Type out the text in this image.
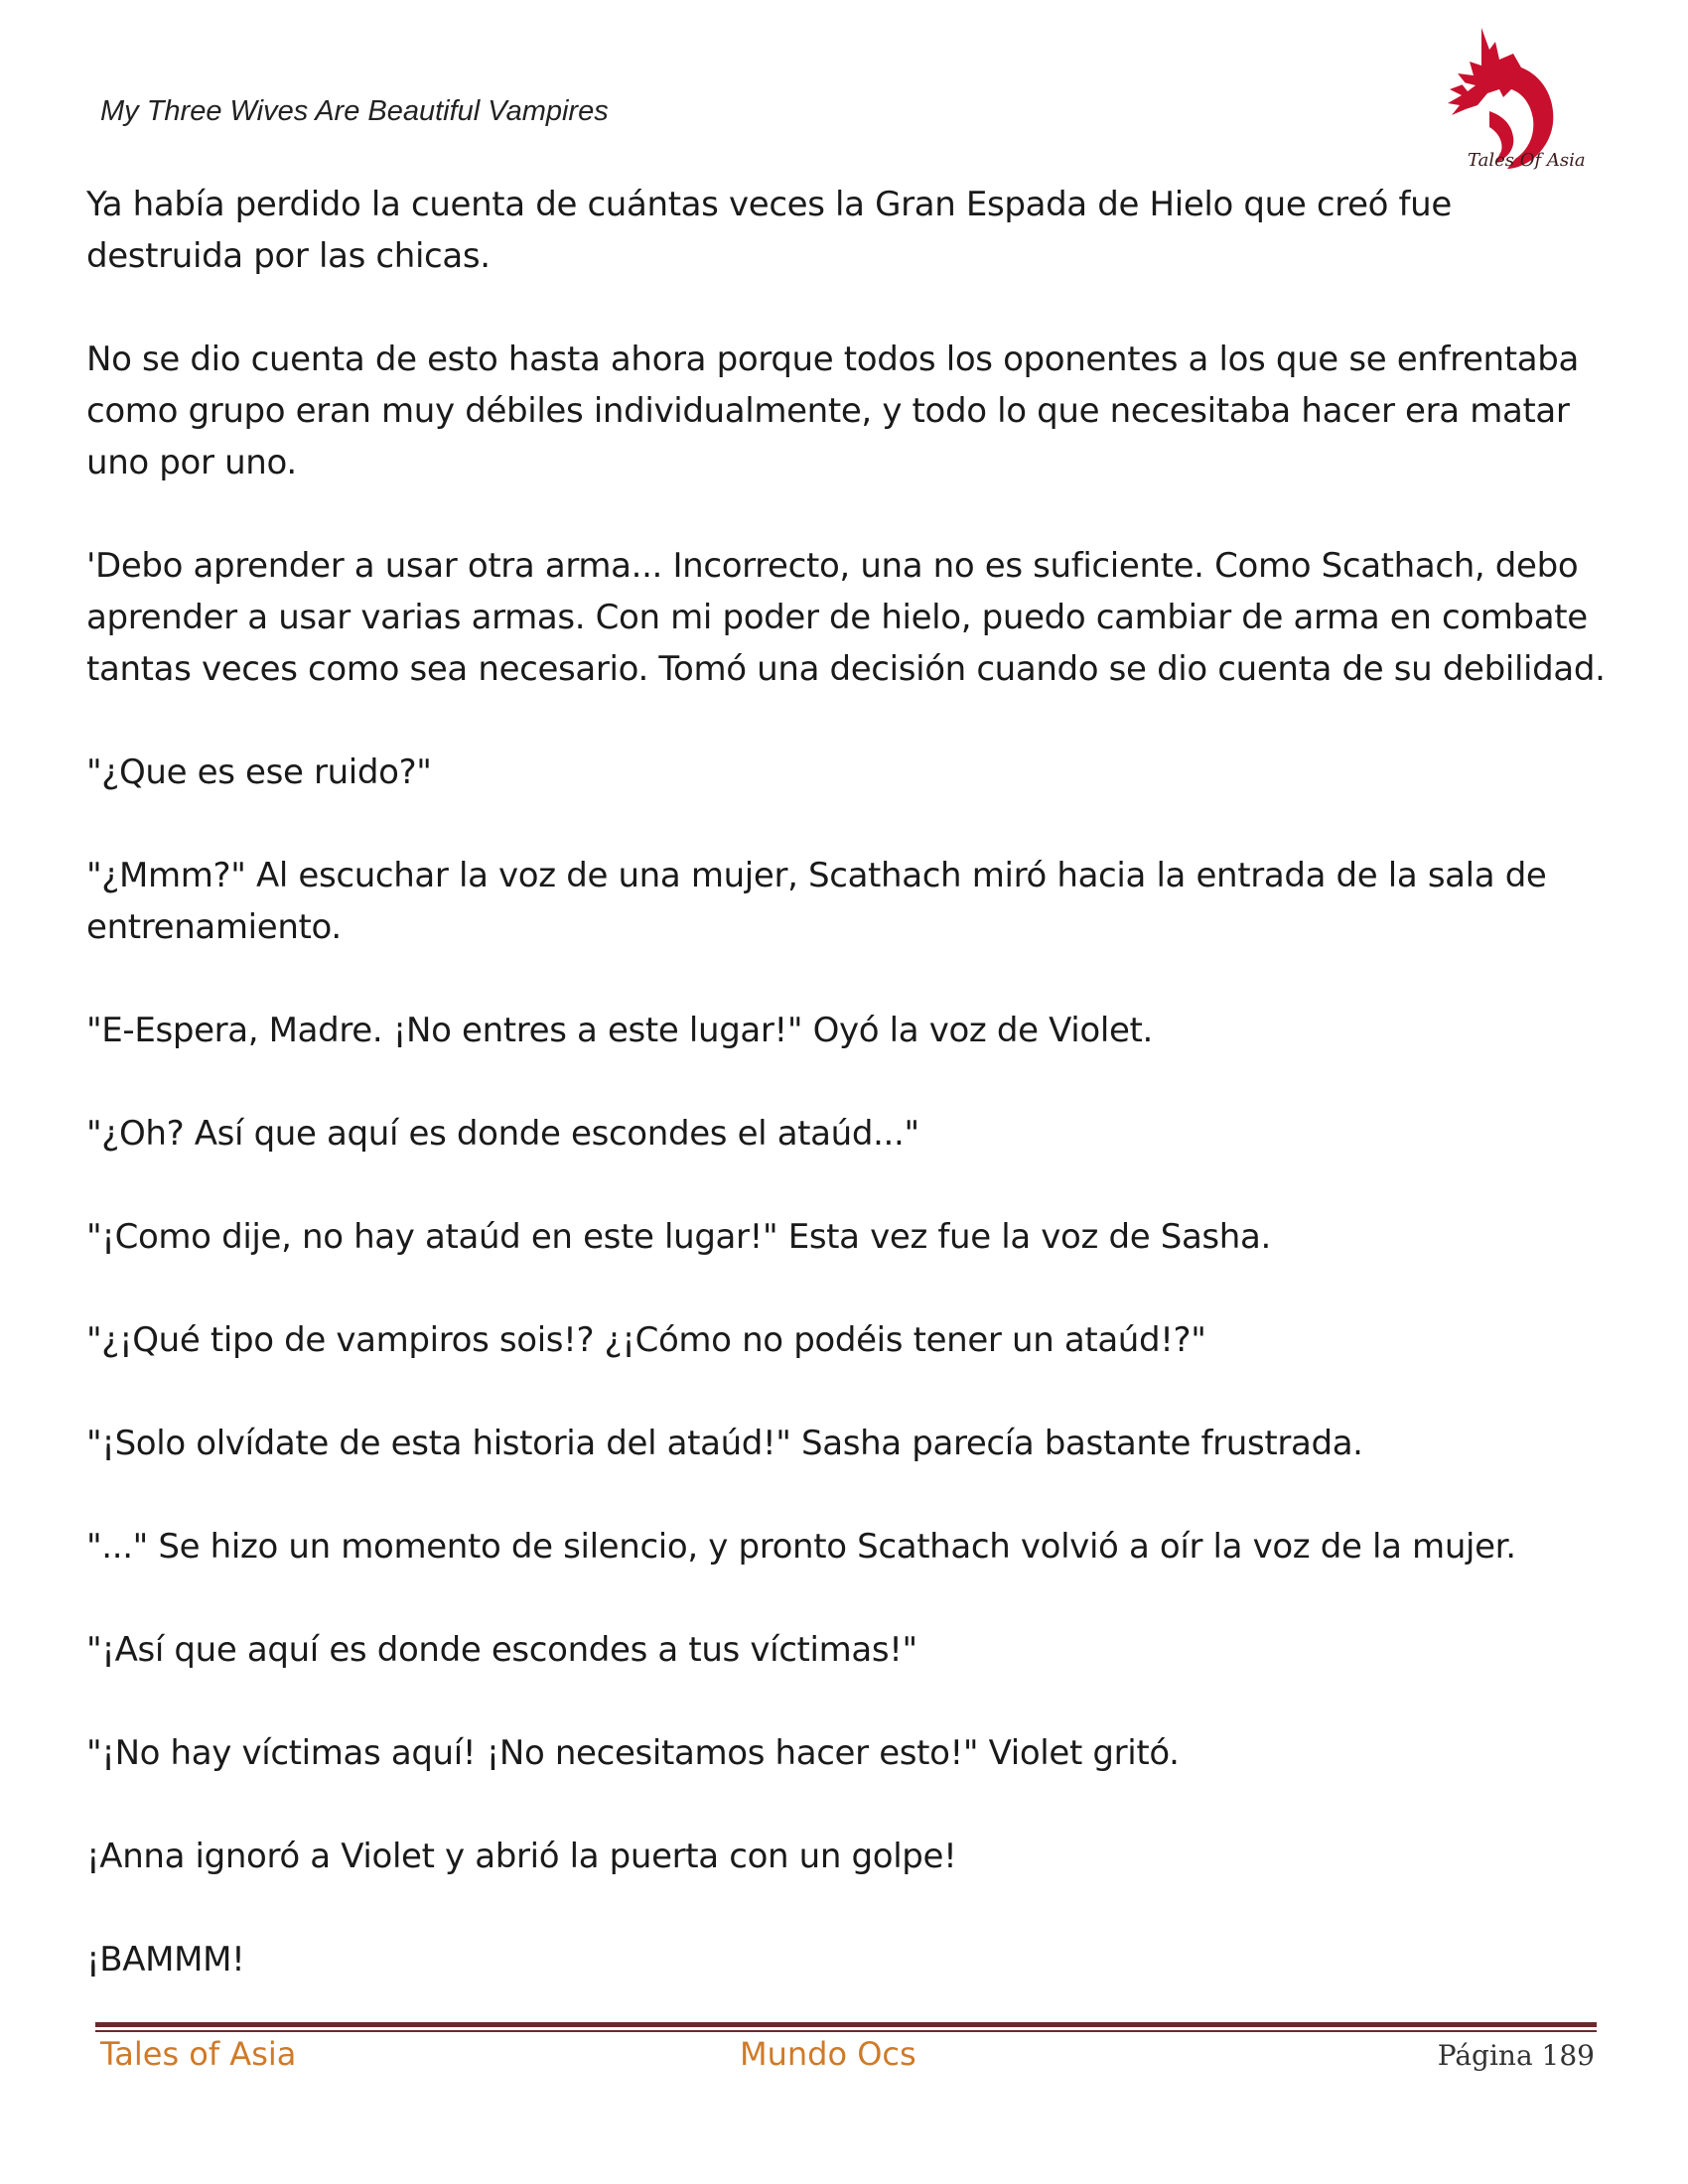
My Three Wives Are Beautiful Vampires
Tales Of Asia

Ya había perdido la cuenta de cuántas veces la Gran Espada de Hielo que creó fue destruida por las chicas.

No se dio cuenta de esto hasta ahora porque todos los oponentes a los que se enfrentaba como grupo eran muy débiles individualmente, y todo lo que necesitaba hacer era matar uno por uno.

'Debo aprender a usar otra arma... Incorrecto, una no es suficiente. Como Scathach, debo aprender a usar varias armas. Con mi poder de hielo, puedo cambiar de arma en combate tantas veces como sea necesario. Tomó una decisión cuando se dio cuenta de su debilidad.

"¿Que es ese ruido?"

"¿Mmm?" Al escuchar la voz de una mujer, Scathach miró hacia la entrada de la sala de entrenamiento.

"E-Espera, Madre. ¡No entres a este lugar!" Oyó la voz de Violet.

"¿Oh? Así que aquí es donde escondes el ataúd..."

"¡Como dije, no hay ataúd en este lugar!" Esta vez fue la voz de Sasha.

"¿¡Qué tipo de vampiros sois!? ¿¡Cómo no podéis tener un ataúd!?"

"¡Solo olvídate de esta historia del ataúd!" Sasha parecía bastante frustrada.

"..." Se hizo un momento de silencio, y pronto Scathach volvió a oír la voz de la mujer.

"¡Así que aquí es donde escondes a tus víctimas!"

"¡No hay víctimas aquí! ¡No necesitamos hacer esto!" Violet gritó.

¡Anna ignoró a Violet y abrió la puerta con un golpe!

¡BAMMM!

Tales of Asia	Mundo Ocs	Página 189
